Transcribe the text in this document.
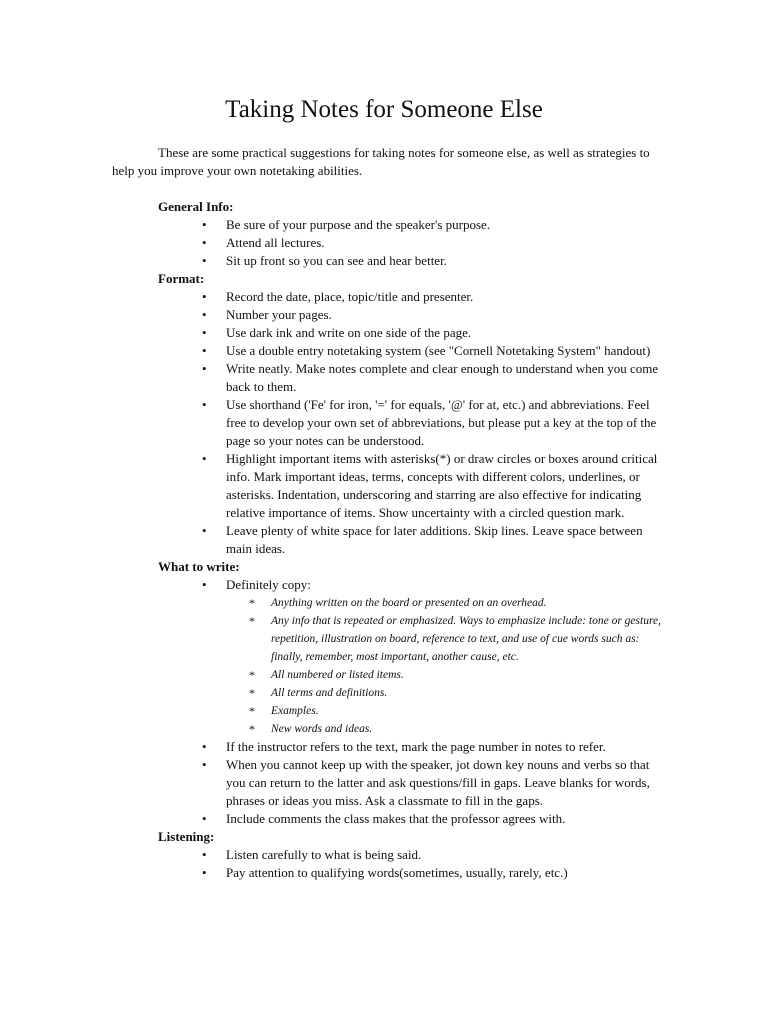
Taking Notes for Someone Else

These are some practical suggestions for taking notes for someone else, as well as strategies to help you improve your own notetaking abilities.

General Info:
• Be sure of your purpose and the speaker's purpose.
• Attend all lectures.
• Sit up front so you can see and hear better.
Format:
• Record the date, place, topic/title and presenter.
• Number your pages.
• Use dark ink and write on one side of the page.
• Use a double entry notetaking system (see "Cornell Notetaking System" handout)
• Write neatly. Make notes complete and clear enough to understand when you come back to them.
• Use shorthand ('Fe' for iron, '=' for equals, '@' for at, etc.) and abbreviations. Feel free to develop your own set of abbreviations, but please put a key at the top of the page so your notes can be understood.
• Highlight important items with asterisks(*) or draw circles or boxes around critical info. Mark important ideas, terms, concepts with different colors, underlines, or asterisks. Indentation, underscoring and starring are also effective for indicating relative importance of items. Show uncertainty with a circled question mark.
• Leave plenty of white space for later additions. Skip lines. Leave space between main ideas.
What to write:
• Definitely copy:
* Anything written on the board or presented on an overhead.
* Any info that is repeated or emphasized. Ways to emphasize include: tone or gesture, repetition, illustration on board, reference to text, and use of cue words such as: finally, remember, most important, another cause, etc.
* All numbered or listed items.
* All terms and definitions.
* Examples.
* New words and ideas.
• If the instructor refers to the text, mark the page number in notes to refer.
• When you cannot keep up with the speaker, jot down key nouns and verbs so that you can return to the latter and ask questions/fill in gaps. Leave blanks for words, phrases or ideas you miss. Ask a classmate to fill in the gaps.
• Include comments the class makes that the professor agrees with.
Listening:
• Listen carefully to what is being said.
• Pay attention to qualifying words(sometimes, usually, rarely, etc.)
